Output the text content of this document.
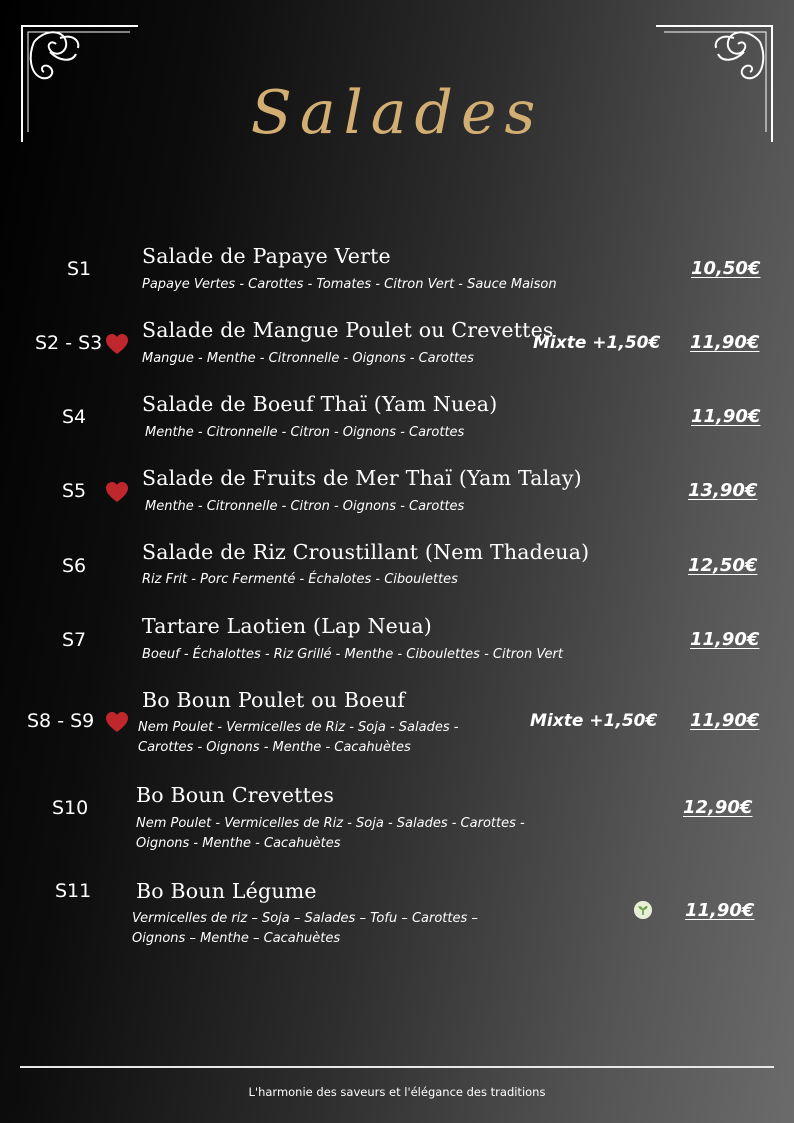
Salades
S1
Salade de Papaye Verte
Papaye Vertes - Carottes - Tomates - Citron Vert - Sauce Maison
10,50€
S2 - S3
Salade de Mangue Poulet ou Crevettes
Mangue - Menthe - Citronnelle - Oignons - Carottes
Mixte +1,50€ 11,90€
S4
Salade de Boeuf Thaï (Yam Nuea)
Menthe - Citronnelle - Citron - Oignons - Carottes
11,90€
S5
Salade de Fruits de Mer Thaï (Yam Talay)
Menthe - Citronnelle - Citron - Oignons - Carottes
13,90€
S6
Salade de Riz Croustillant (Nem Thadeua)
Riz Frit - Porc Fermenté - Échalotes - Ciboulettes
12,50€
S7
Tartare Laotien (Lap Neua)
Boeuf - Échalottes - Riz Grillé - Menthe - Ciboulettes - Citron Vert
11,90€
S8 - S9
Bo Boun Poulet ou Boeuf
Nem Poulet - Vermicelles de Riz - Soja - Salades -
Carottes - Oignons - Menthe - Cacahuètes
Mixte +1,50€ 11,90€
S10
Bo Boun Crevettes
Nem Poulet - Vermicelles de Riz - Soja - Salades - Carottes -
Oignons - Menthe - Cacahuètes
12,90€
S11 Bo Boun Légume
Vermicelles de riz – Soja – Salades – Tofu – Carottes –
Oignons – Menthe – Cacahuètes
11,90€
L'harmonie des saveurs et l'élégance des traditions
